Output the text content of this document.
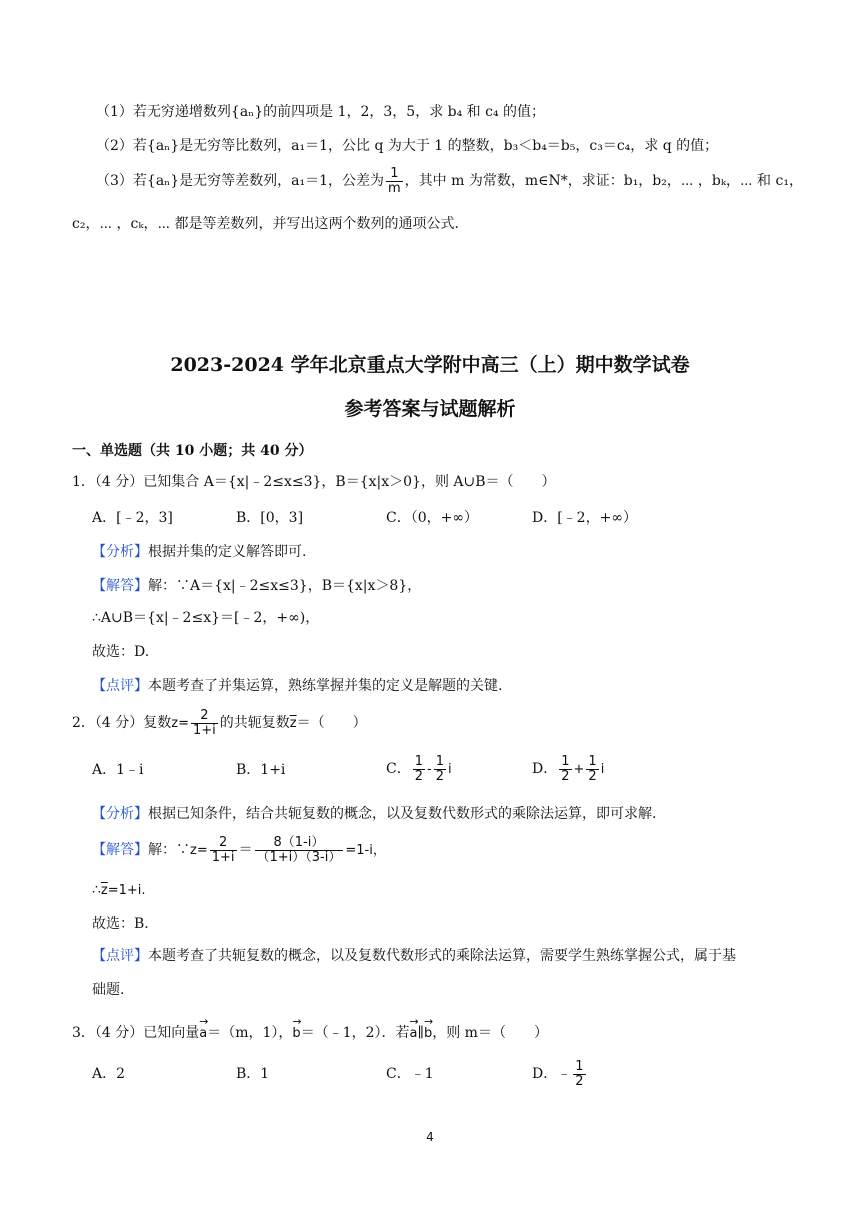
（1）若无穷递增数列{aₙ}的前四项是 1，2，3，5，求 b₄ 和 c₄ 的值；
（2）若{aₙ}是无穷等比数列，a₁＝1，公比 q 为大于 1 的整数，b₃＜b₄＝b₅，c₃＝c₄，求 q 的值；
（3）若{aₙ}是无穷等差数列，a₁＝1，公差为 $\frac{1}{m}$ ，其中 m 为常数，m∈N*，求证：b₁，b₂，⋯ ，bₖ，⋯ 和 c₁，
c₂，⋯ ，cₖ，⋯ 都是等差数列，并写出这两个数列的通项公式.
2023-2024 学年北京重点大学附中高三（上）期中数学试卷
参考答案与试题解析
一、单选题（共 10 小题；共 40 分）
1．（4 分）已知集合 A＝{x|﹣2≤x≤3}，B＝{x|x＞0}，则 A∪B＝（　　）
A．[﹣2，3]	B．[0，3]	C．（0，+∞）	D．[﹣2，+∞）
【分析】根据并集的定义解答即可.
【解答】解：∵A＝{x|﹣2≤x≤3}，B＝{x|x＞8}，
∴A∪B＝{x|﹣2≤x}＝[﹣2，+∞)，
故选：D.
【点评】本题考查了并集运算，熟练掌握并集的定义是解题的关键.
2．（4 分）复数$z= \frac{2}{1+i}$ 的共轭复数$\overline{z}=$（　　）
A．1﹣i	B．1+i	C． $\frac{1}{2} - \frac{1}{2}$ i	D． $\frac{1}{2} + \frac{1}{2}$ i
【分析】根据已知条件，结合共轭复数的概念，以及复数代数形式的乘除法运算，即可求解.
【解答】解：∵z= $\frac{2}{1+i} = \frac{8(1-i)}{(1+i)(3-i)} =1-i$，
$\therefore\overline{z}=1+i$.
故选：B.
【点评】本题考查了共轭复数的概念，以及复数代数形式的乘除法运算，需要学生熟练掌握公式，属于基
础题.
3．（4 分）已知向量→ a＝（m，1），→ b＝（﹣1，2）．若→ a∥→ b，则 m＝（　　）
A．2	B．1	C．﹣1	D．﹣ $\frac{1}{2}$
4
